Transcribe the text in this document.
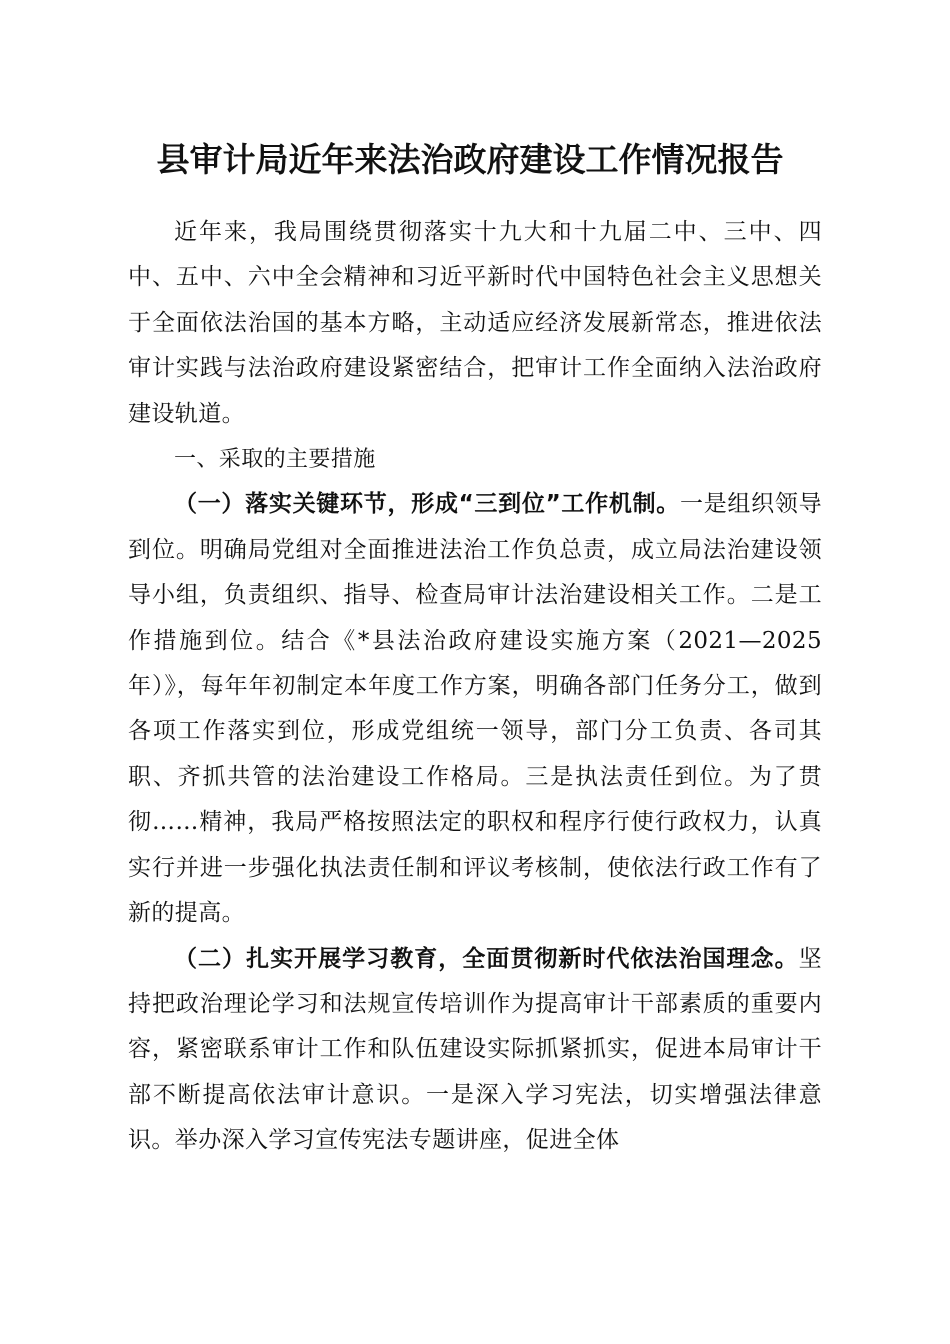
县审计局近年来法治政府建设工作情况报告

近年来，我局围绕贯彻落实十九大和十九届二中、三中、四中、五中、六中全会精神和习近平新时代中国特色社会主义思想关于全面依法治国的基本方略，主动适应经济发展新常态，推进依法审计实践与法治政府建设紧密结合，把审计工作全面纳入法治政府建设轨道。

一、采取的主要措施

（一）落实关键环节，形成“三到位”工作机制。一是组织领导到位。明确局党组对全面推进法治工作负总责，成立局法治建设领导小组，负责组织、指导、检查局审计法治建设相关工作。二是工作措施到位。结合《*县法治政府建设实施方案（2021—2025年）》，每年年初制定本年度工作方案，明确各部门任务分工，做到各项工作落实到位，形成党组统一领导，部门分工负责、各司其职、齐抓共管的法治建设工作格局。三是执法责任到位。为了贯彻……精神，我局严格按照法定的职权和程序行使行政权力，认真实行并进一步强化执法责任制和评议考核制，使依法行政工作有了新的提高。

（二）扎实开展学习教育，全面贯彻新时代依法治国理念。坚持把政治理论学习和法规宣传培训作为提高审计干部素质的重要内容，紧密联系审计工作和队伍建设实际抓紧抓实，促进本局审计干部不断提高依法审计意识。一是深入学习宪法，切实增强法律意识。举办深入学习宣传宪法专题讲座，促进全体
